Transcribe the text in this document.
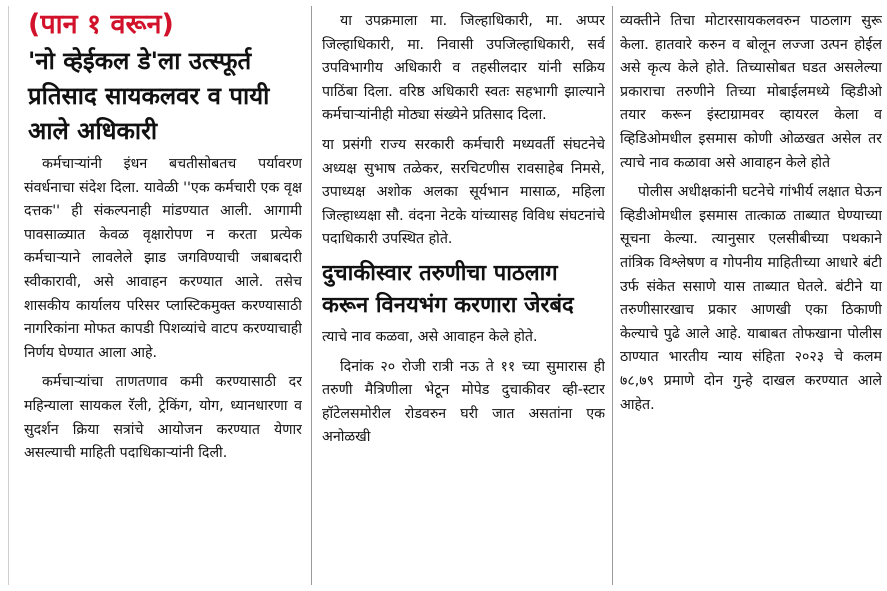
(पान १ वरून)
'नो व्हेईकल डे'ला उत्स्फूर्त प्रतिसाद सायकलवर व पायी आले अधिकारी

कर्मचाऱ्यांनी इंधन बचतीसोबतच पर्यावरण संवर्धनाचा संदेश दिला. यावेळी ''एक कर्मचारी एक वृक्ष दत्तक'' ही संकल्पनाही मांडण्यात आली. आगामी पावसाळ्यात केवळ वृक्षारोपण न करता प्रत्येक कर्मचाऱ्याने लावलेले झाड जगविण्याची जबाबदारी स्वीकारावी, असे आवाहन करण्यात आले. तसेच शासकीय कार्यालय परिसर प्लास्टिकमुक्त करण्यासाठी नागरिकांना मोफत कापडी पिशव्यांचे वाटप करण्याचाही निर्णय घेण्यात आला आहे.

कर्मचाऱ्यांचा ताणतणाव कमी करण्यासाठी दर महिन्याला सायकल रॅली, ट्रेकिंग, योग, ध्यानधारणा व सुदर्शन क्रिया सत्रांचे आयोजन करण्यात येणार असल्याची माहिती पदाधिकाऱ्यांनी दिली.

या उपक्रमाला मा. जिल्हाधिकारी, मा. अप्पर जिल्हाधिकारी, मा. निवासी उपजिल्हाधिकारी, सर्व उपविभागीय अधिकारी व तहसीलदार यांनी सक्रिय पाठिंबा दिला. वरिष्ठ अधिकारी स्वतः सहभागी झाल्याने कर्मचाऱ्यांनीही मोठ्या संख्येने प्रतिसाद दिला.

या प्रसंगी राज्य सरकारी कर्मचारी मध्यवर्ती संघटनेचे अध्यक्ष सुभाष तळेकर, सरचिटणीस रावसाहेब निमसे, उपाध्यक्ष अशोक अलका सूर्यभान मासाळ, महिला जिल्हाध्यक्षा सौ. वंदना नेटके यांच्यासह विविध संघटनांचे पदाधिकारी उपस्थित होते.

दुचाकीस्वार तरुणीचा पाठलाग करून विनयभंग करणारा जेरबंद

त्याचे नाव कळवा, असे आवाहन केले होते.

दिनांक २० रोजी रात्री नऊ ते ११ च्या सुमारास ही तरुणी मैत्रिणीला भेटून मोपेड दुचाकीवर व्ही-स्टार हॉटेलसमोरील रोडवरुन घरी जात असतांना एक अनोळखी

व्यक्तीने तिचा मोटारसायकलवरुन पाठलाग सुरू केला. हातवारे करुन व बोलून लज्जा उत्पन होईल असे कृत्य केले होते. तिच्यासोबत घडत असलेल्या प्रकाराचा तरुणीने तिच्या मोबाईलमध्ये व्हिडीओ तयार करून इंस्टाग्रामवर व्हायरल केला व व्हिडिओमधील इसमास कोणी ओळखत असेल तर त्याचे नाव कळावा असे आवाहन केले होते

पोलीस अधीक्षकांनी घटनेचे गांभीर्य लक्षात घेऊन व्हिडीओमधील इसमास तात्काळ ताब्यात घेण्याच्या सूचना केल्या. त्यानुसार एलसीबीच्या पथकाने तांत्रिक विश्लेषण व गोपनीय माहितीच्या आधारे बंटी उर्फ संकेत ससाणे यास ताब्यात घेतले. बंटीने या तरुणीसारखाच प्रकार आणखी एका ठिकाणी केल्याचे पुढे आले आहे. याबाबत तोफखाना पोलीस ठाण्यात भारतीय न्याय संहिता २०२३ चे कलम ७८,७९ प्रमाणे दोन गुन्हे दाखल करण्यात आले आहेत.
